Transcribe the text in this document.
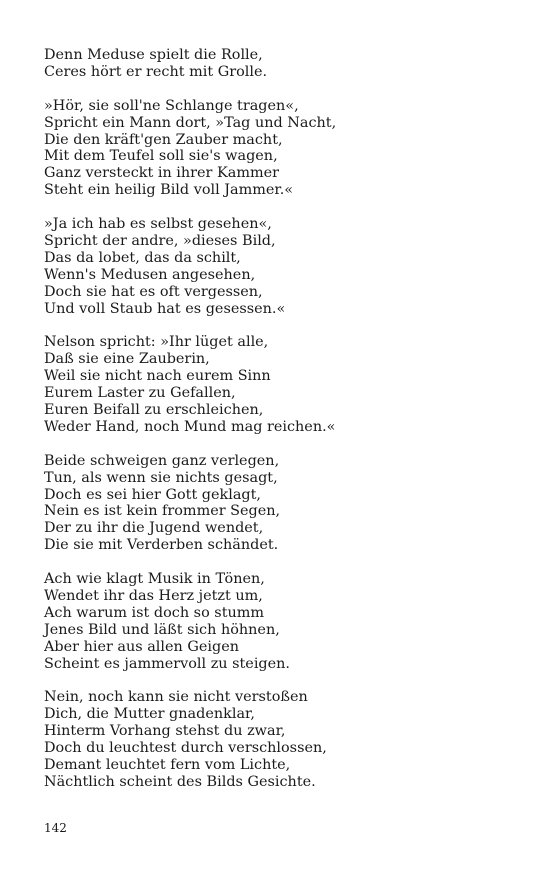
Denn Meduse spielt die Rolle,
Ceres hört er recht mit Grolle.
»Hör, sie soll'ne Schlange tragen«,
Spricht ein Mann dort, »Tag und Nacht,
Die den kräft'gen Zauber macht,
Mit dem Teufel soll sie's wagen,
Ganz versteckt in ihrer Kammer
Steht ein heilig Bild voll Jammer.«
»Ja ich hab es selbst gesehen«,
Spricht der andre, »dieses Bild,
Das da lobet, das da schilt,
Wenn's Medusen angesehen,
Doch sie hat es oft vergessen,
Und voll Staub hat es gesessen.«
Nelson spricht: »Ihr lüget alle,
Daß sie eine Zauberin,
Weil sie nicht nach eurem Sinn
Eurem Laster zu Gefallen,
Euren Beifall zu erschleichen,
Weder Hand, noch Mund mag reichen.«
Beide schweigen ganz verlegen,
Tun, als wenn sie nichts gesagt,
Doch es sei hier Gott geklagt,
Nein es ist kein frommer Segen,
Der zu ihr die Jugend wendet,
Die sie mit Verderben schändet.
Ach wie klagt Musik in Tönen,
Wendet ihr das Herz jetzt um,
Ach warum ist doch so stumm
Jenes Bild und läßt sich höhnen,
Aber hier aus allen Geigen
Scheint es jammervoll zu steigen.
Nein, noch kann sie nicht verstoßen
Dich, die Mutter gnadenklar,
Hinterm Vorhang stehst du zwar,
Doch du leuchtest durch verschlossen,
Demant leuchtet fern vom Lichte,
Nächtlich scheint des Bilds Gesichte.
142
